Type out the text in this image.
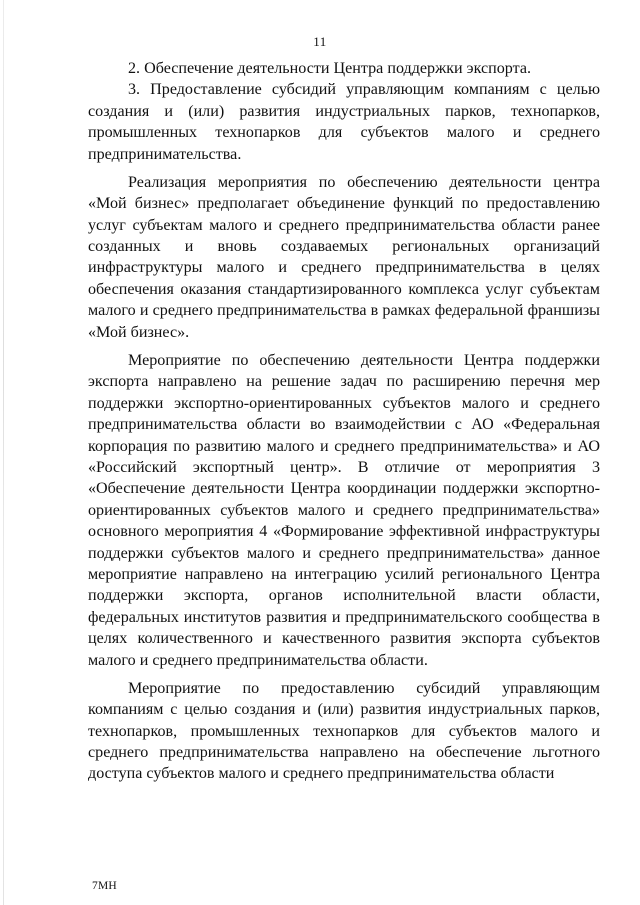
11

2. Обеспечение деятельности Центра поддержки экспорта.

3. Предоставление субсидий управляющим компаниям с целью создания и (или) развития индустриальных парков, технопарков, промышленных технопарков для субъектов малого и среднего предпринимательства.

Реализация мероприятия по обеспечению деятельности центра «Мой бизнес» предполагает объединение функций по предоставлению услуг субъектам малого и среднего предпринимательства области ранее созданных и вновь создаваемых региональных организаций инфраструктуры малого и среднего предпринимательства в целях обеспечения оказания стандартизированного комплекса услуг субъектам малого и среднего предпринимательства в рамках федеральной франшизы «Мой бизнес».

Мероприятие по обеспечению деятельности Центра поддержки экспорта направлено на решение задач по расширению перечня мер поддержки экспортно-ориентированных субъектов малого и среднего предпринимательства области во взаимодействии с АО «Федеральная корпорация по развитию малого и среднего предпринимательства» и АО «Российский экспортный центр». В отличие от мероприятия 3 «Обеспечение деятельности Центра координации поддержки экспортно-ориентированных субъектов малого и среднего предпринимательства» основного мероприятия 4 «Формирование эффективной инфраструктуры поддержки субъектов малого и среднего предпринимательства» данное мероприятие направлено на интеграцию усилий регионального Центра поддержки экспорта, органов исполнительной власти области, федеральных институтов развития и предпринимательского сообщества в целях количественного и качественного развития экспорта субъектов малого и среднего предпринимательства области.

Мероприятие по предоставлению субсидий управляющим компаниям с целью создания и (или) развития индустриальных парков, технопарков, промышленных технопарков для субъектов малого и среднего предпринимательства направлено на обеспечение льготного доступа субъектов малого и среднего предпринимательства области

7МН
